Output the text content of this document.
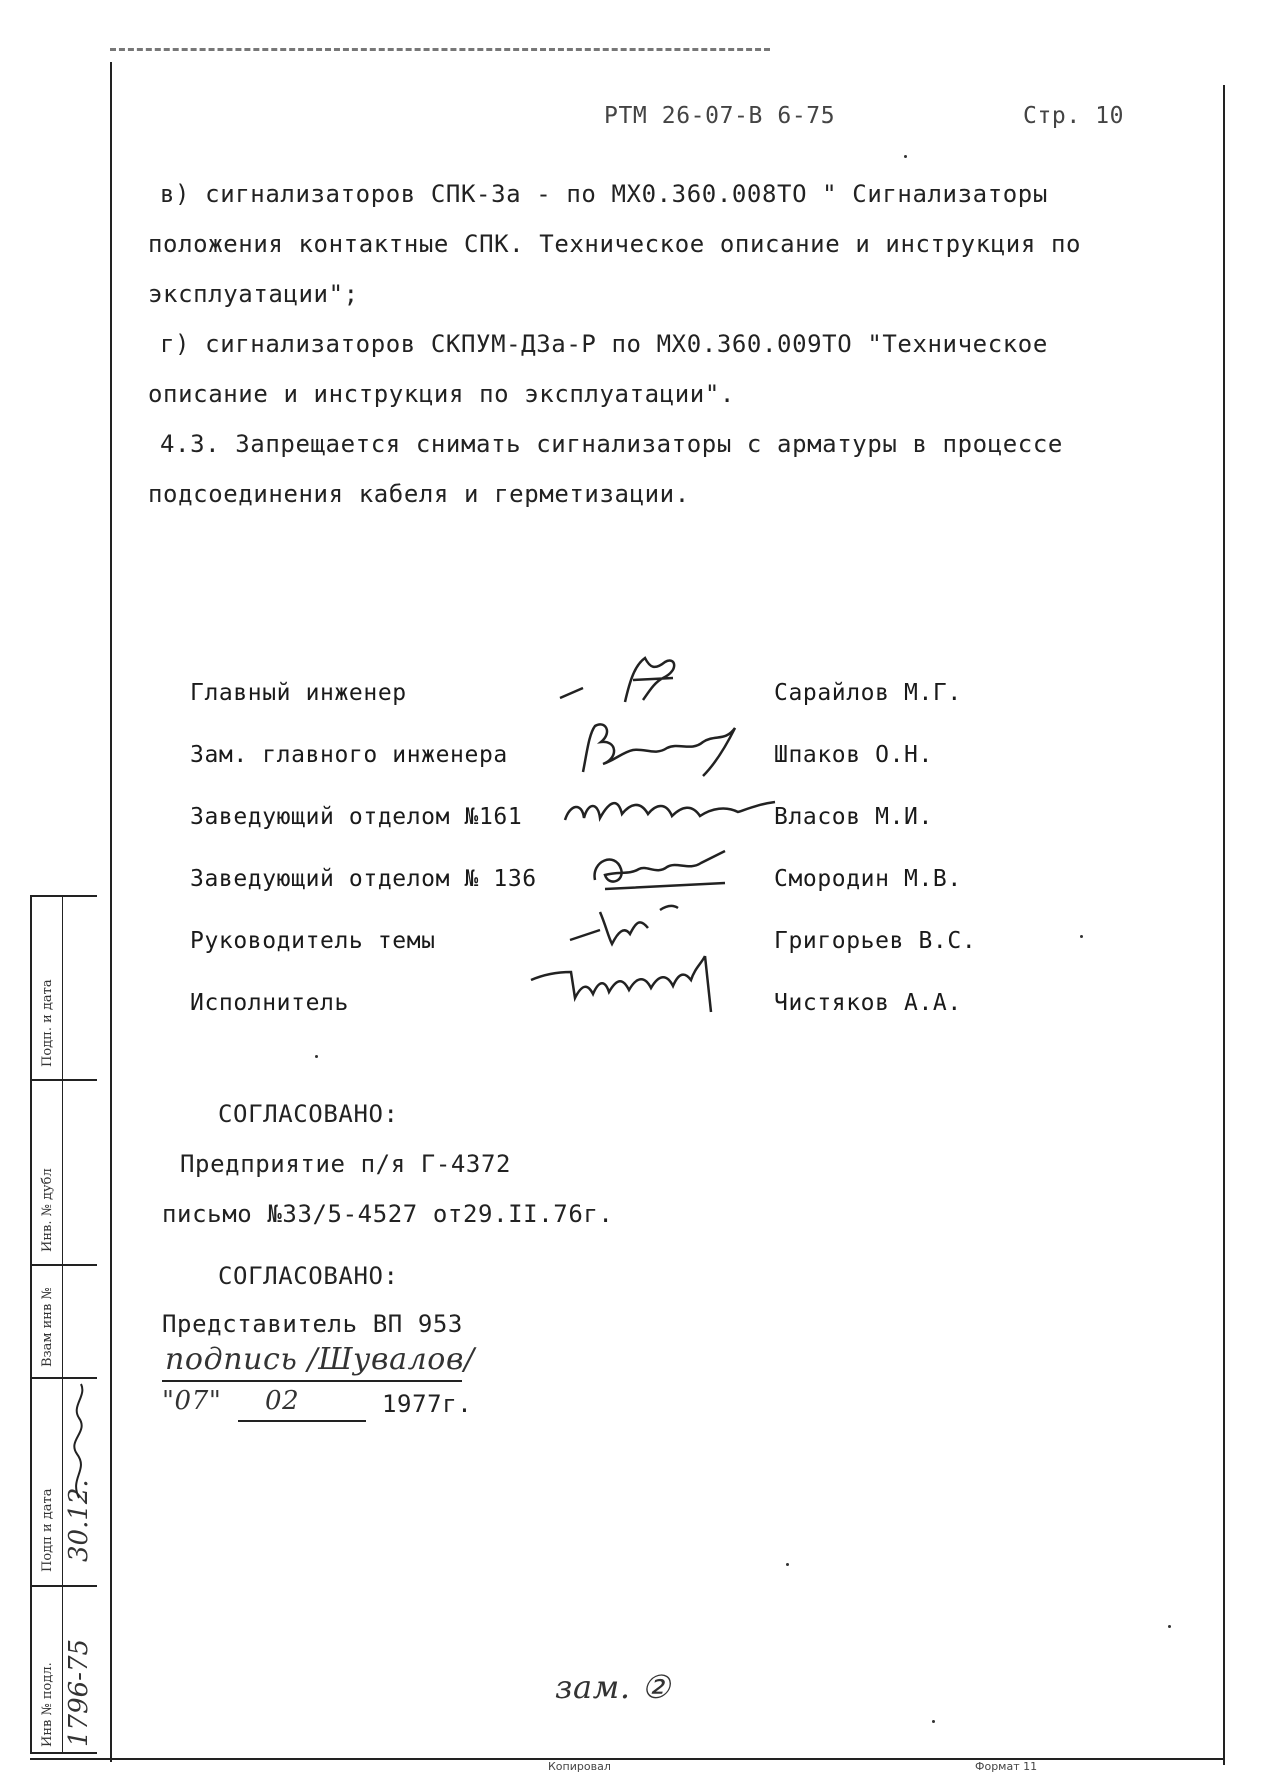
РТМ 26-07-В 6-75	Стр. 10
в) сигнализаторов СПК-3а - по МХ0.360.008ТО " Сигнализаторы
положения контактные СПК. Техническое описание и инструкция по
эксплуатации";
г) сигнализаторов СКПУМ-Д3а-Р по МХ0.360.009ТО "Техническое
описание и инструкция по эксплуатации".
4.3. Запрещается снимать сигнализаторы с арматуры в процессе
подсоединения кабеля и герметизации.
Главный инженер	Сарайлов М.Г.
Зам. главного инженера	Шпаков О.Н.
Заведующий отделом №161	Власов М.И.
Заведующий отделом № 136	Смородин М.В.
Руководитель темы	Григорьев В.С.
Исполнитель	Чистяков А.А.
СОГЛАСОВАНО:
Предприятие п/я Г-4372
письмо №33/5-4527 от29.II.76г.
СОГЛАСОВАНО:
Представитель ВП 953
подпись /Шувалов/
"07" 02	1977г.
Подп. и дата
Инв. № дубл
Взам инв №
Подп и дата
Инв № подл.
30.12.
1796-75	зам. ②
Копировал	Формат 11
